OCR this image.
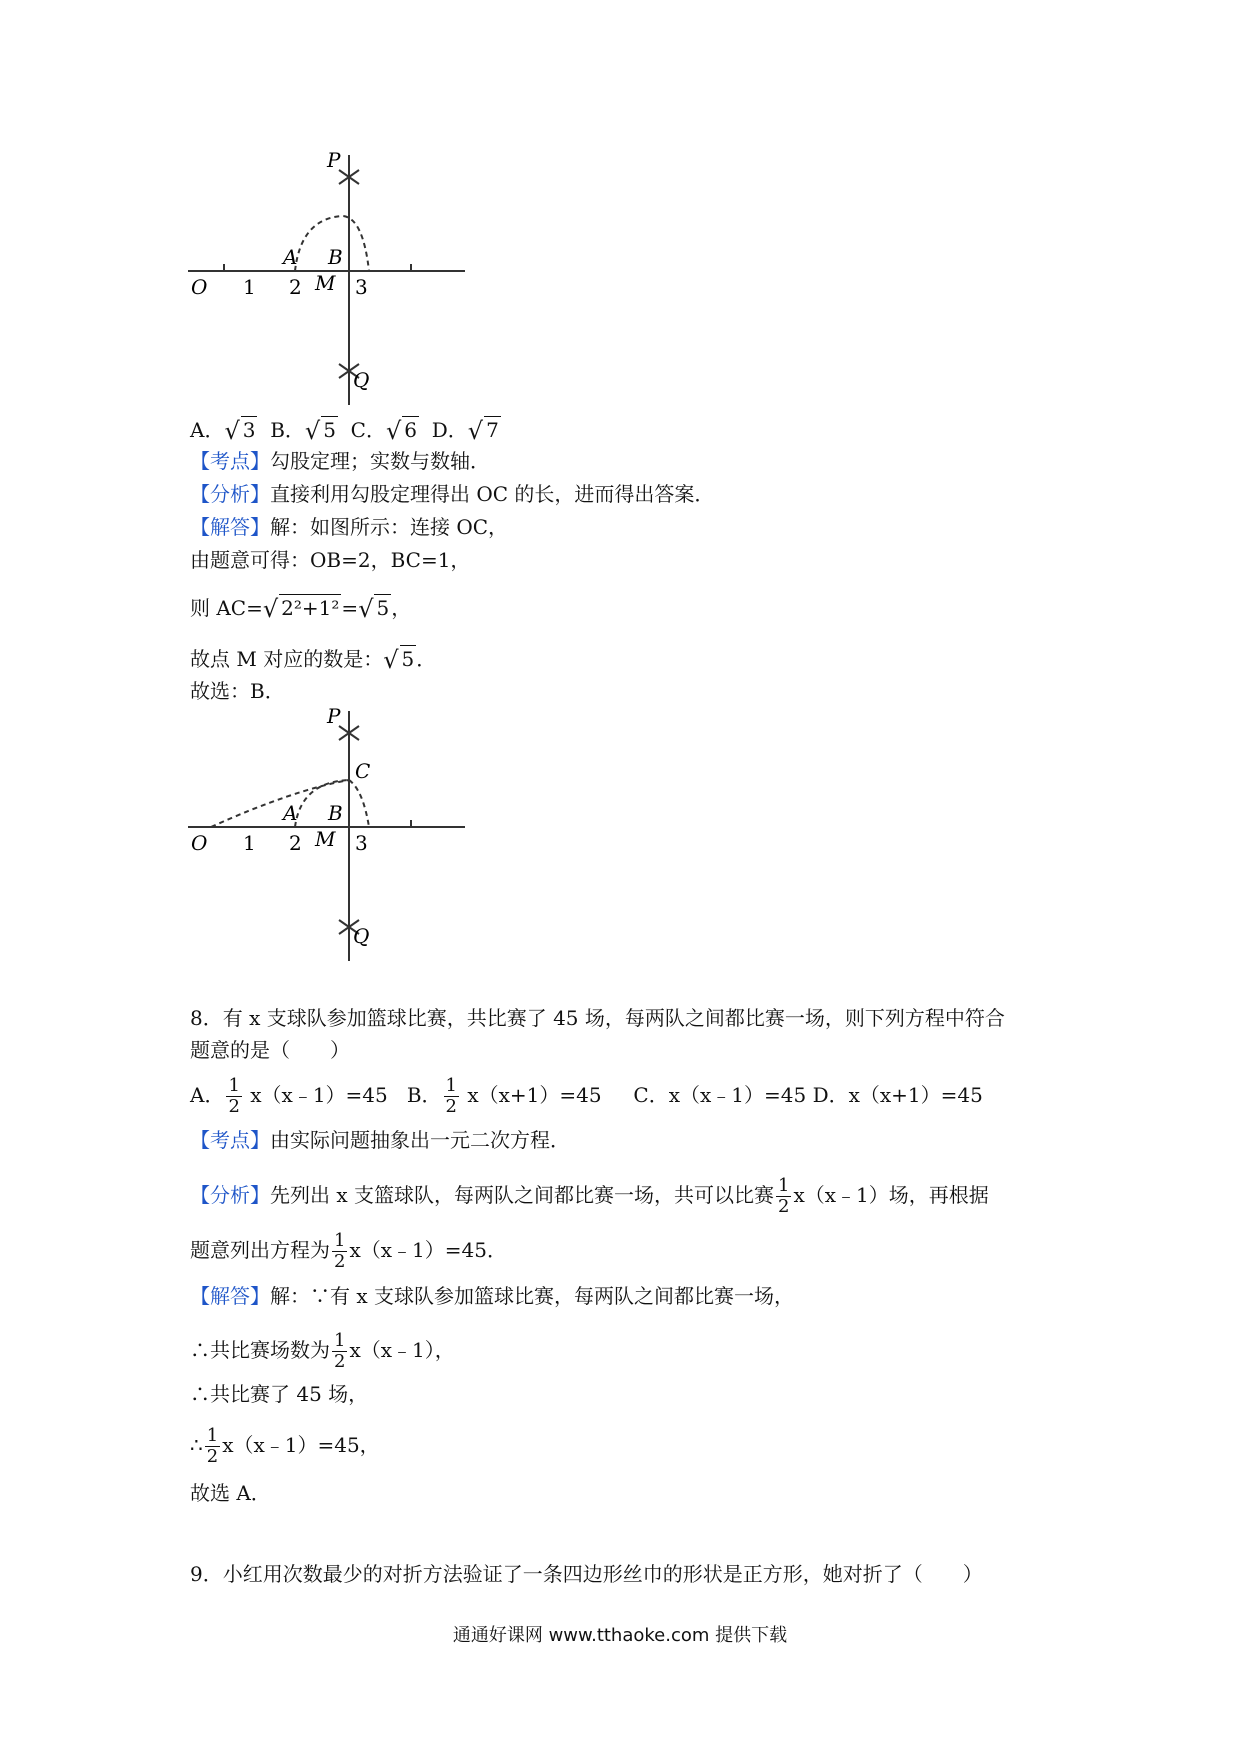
P
Q
A B
O 1 2 M 3
A．√ 3 B．√ 5 C．√ 6 D．√ 7
【考点】勾股定理；实数与数轴．
【分析】直接利用勾股定理得出 OC 的长，进而得出答案．
【解答】解：如图所示：连接 OC，
由题意可得：OB=2，BC=1，
则 AC=√ 2²+1² =√ 5 ，
故点 M 对应的数是：√ 5 ．
故选：B．
P
Q
C
A B
O 1 2 M 3
8．有 x 支球队参加篮球比赛，共比赛了 45 场，每两队之间都比赛一场，则下列方程中符合
题意的是（　　）
A． $\frac{1}{2}$ x（x﹣1）=45 B． $\frac{1}{2} x(x+1)=45$ C．x（x﹣1）=45 D．x（x+1）=45
【考点】由实际问题抽象出一元二次方程．
【分析】先列出 x 支篮球队，每两队之间都比赛一场，共可以比赛 $\frac{1}{2}$ x（x﹣1）场，再根据
题意列出方程为 $\frac{1}{2}$ x（x﹣1）=45．
【解答】解：∵有 x 支球队参加篮球比赛，每两队之间都比赛一场，
∴共比赛场数为 $\frac{1}{2}$ x（x﹣1），
∴共比赛了 45 场，
∴ $\frac{1}{2}$ x（x﹣1）=45，
故选 A．
9．小红用次数最少的对折方法验证了一条四边形丝巾的形状是正方形，她对折了（　　）
通通好课网 www.tthaoke.com 提供下载
